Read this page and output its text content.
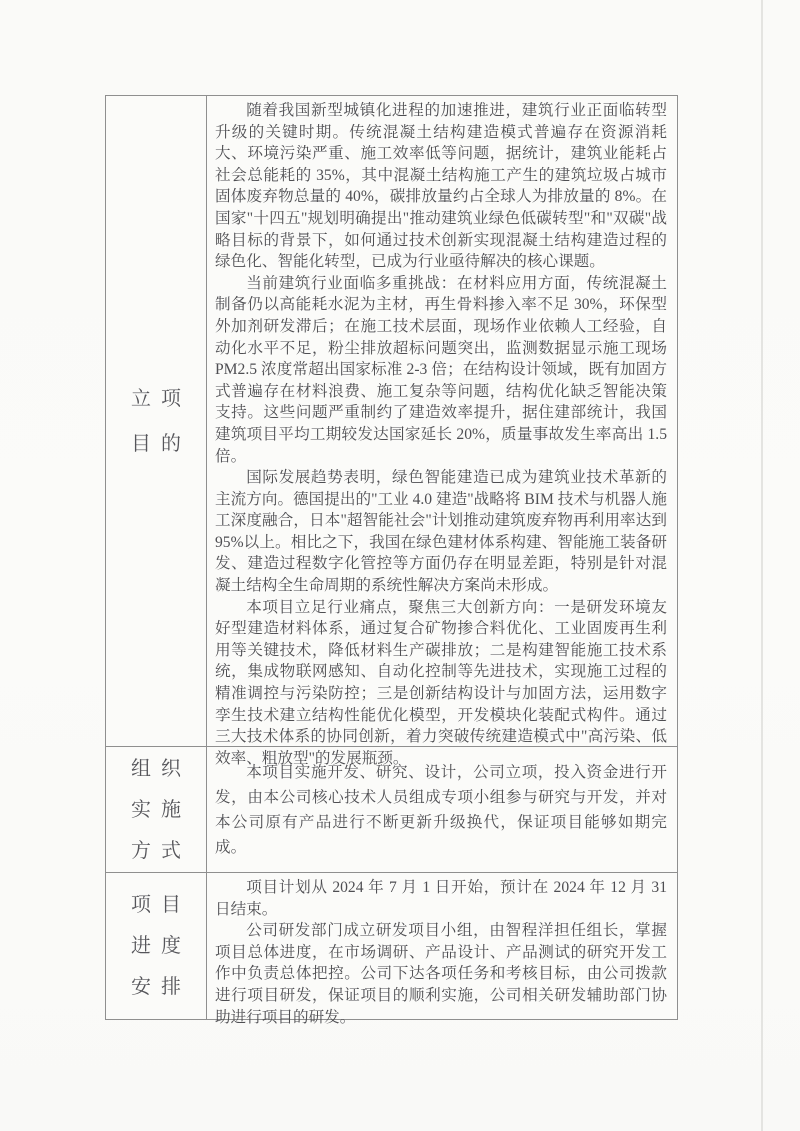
立项
目的

随着我国新型城镇化进程的加速推进，建筑行业正面临转型升级的关键时期。传统混凝土结构建造模式普遍存在资源消耗大、环境污染严重、施工效率低等问题，据统计，建筑业能耗占社会总能耗的 35%，其中混凝土结构施工产生的建筑垃圾占城市固体废弃物总量的 40%，碳排放量约占全球人为排放量的 8%。在国家"十四五"规划明确提出"推动建筑业绿色低碳转型"和"双碳"战略目标的背景下，如何通过技术创新实现混凝土结构建造过程的绿色化、智能化转型，已成为行业亟待解决的核心课题。

当前建筑行业面临多重挑战：在材料应用方面，传统混凝土制备仍以高能耗水泥为主材，再生骨料掺入率不足 30%，环保型外加剂研发滞后；在施工技术层面，现场作业依赖人工经验，自动化水平不足，粉尘排放超标问题突出，监测数据显示施工现场 PM2.5 浓度常超出国家标准 2-3 倍；在结构设计领域，既有加固方式普遍存在材料浪费、施工复杂等问题，结构优化缺乏智能决策支持。这些问题严重制约了建造效率提升，据住建部统计，我国建筑项目平均工期较发达国家延长 20%，质量事故发生率高出 1.5 倍。

国际发展趋势表明，绿色智能建造已成为建筑业技术革新的主流方向。德国提出的"工业 4.0 建造"战略将 BIM 技术与机器人施工深度融合，日本"超智能社会"计划推动建筑废弃物再利用率达到 95%以上。相比之下，我国在绿色建材体系构建、智能施工装备研发、建造过程数字化管控等方面仍存在明显差距，特别是针对混凝土结构全生命周期的系统性解决方案尚未形成。

本项目立足行业痛点，聚焦三大创新方向：一是研发环境友好型建造材料体系，通过复合矿物掺合料优化、工业固废再生利用等关键技术，降低材料生产碳排放；二是构建智能施工技术系统，集成物联网感知、自动化控制等先进技术，实现施工过程的精准调控与污染防控；三是创新结构设计与加固方法，运用数字孪生技术建立结构性能优化模型，开发模块化装配式构件。通过三大技术体系的协同创新，着力突破传统建造模式中"高污染、低效率、粗放型"的发展瓶颈。

组织
实施
方式

本项目实施开发、研究、设计，公司立项，投入资金进行开发，由本公司核心技术人员组成专项小组参与研究与开发，并对本公司原有产品进行不断更新升级换代，保证项目能够如期完成。

项目
进度
安排

项目计划从 2024 年 7 月 1 日开始，预计在 2024 年 12 月 31 日结束。

公司研发部门成立研发项目小组，由智程洋担任组长，掌握项目总体进度，在市场调研、产品设计、产品测试的研究开发工作中负责总体把控。公司下达各项任务和考核目标，由公司拨款进行项目研发，保证项目的顺利实施，公司相关研发辅助部门协助进行项目的研发。
